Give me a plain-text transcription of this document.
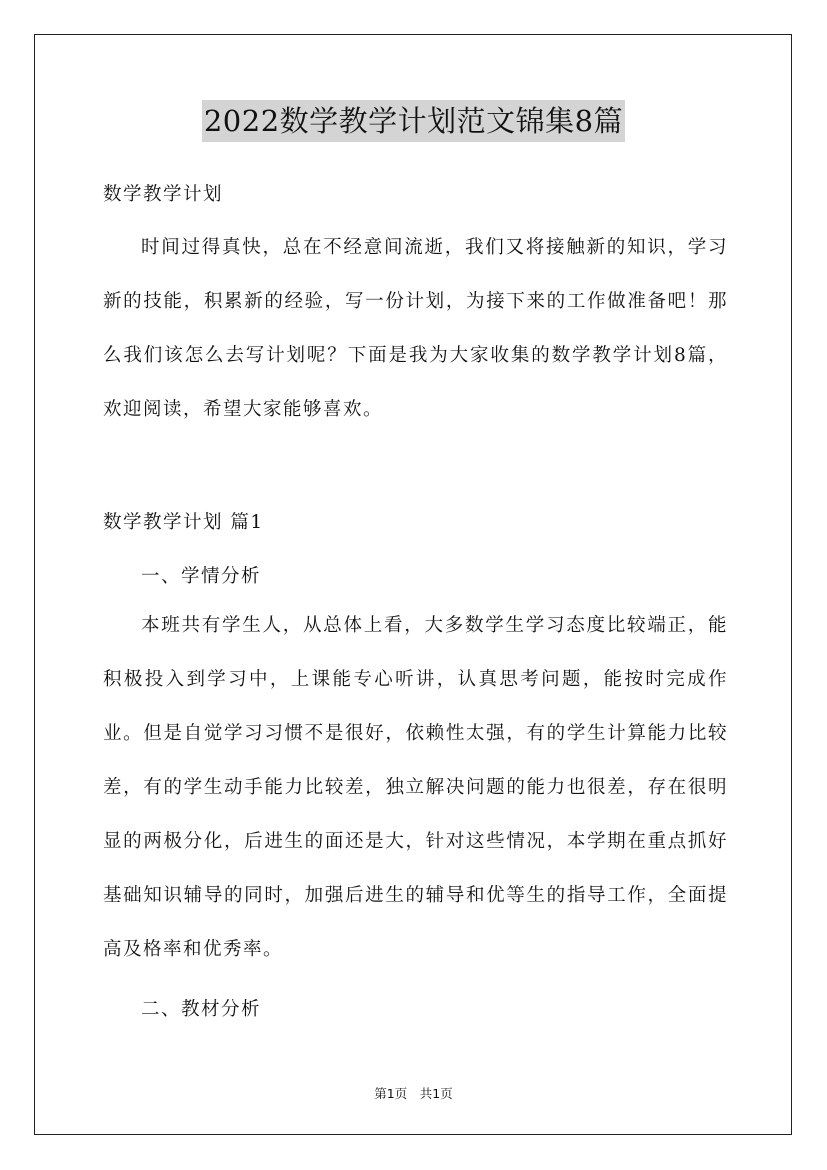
2022数学教学计划范文锦集8篇
数学教学计划
时间过得真快，总在不经意间流逝，我们又将接触新的知识，学习新的技能，积累新的经验，写一份计划，为接下来的工作做准备吧！那么我们该怎么去写计划呢？下面是我为大家收集的数学教学计划8篇，欢迎阅读，希望大家能够喜欢。
数学教学计划 篇1
一、学情分析
本班共有学生人，从总体上看，大多数学生学习态度比较端正，能积极投入到学习中，上课能专心听讲，认真思考问题，能按时完成作业。但是自觉学习习惯不是很好，依赖性太强，有的学生计算能力比较差，有的学生动手能力比较差，独立解决问题的能力也很差，存在很明显的两极分化，后进生的面还是大，针对这些情况，本学期在重点抓好基础知识辅导的同时，加强后进生的辅导和优等生的指导工作，全面提高及格率和优秀率。
二、教材分析
第1页　共1页
